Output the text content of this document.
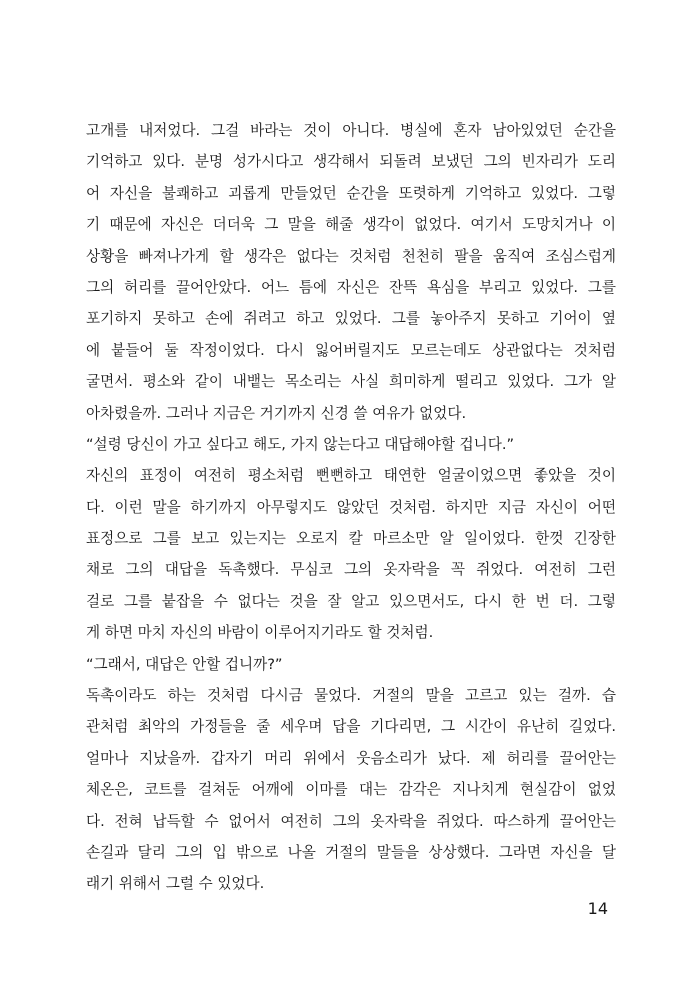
고개를 내저었다. 그걸 바라는 것이 아니다. 병실에 혼자 남아있었던 순간을
기억하고 있다. 분명 성가시다고 생각해서 되돌려 보냈던 그의 빈자리가 도리
어 자신을 불쾌하고 괴롭게 만들었던 순간을 또렷하게 기억하고 있었다. 그렇
기 때문에 자신은 더더욱 그 말을 해줄 생각이 없었다. 여기서 도망치거나 이
상황을 빠져나가게 할 생각은 없다는 것처럼 천천히 팔을 움직여 조심스럽게
그의 허리를 끌어안았다. 어느 틈에 자신은 잔뜩 욕심을 부리고 있었다. 그를
포기하지 못하고 손에 쥐려고 하고 있었다. 그를 놓아주지 못하고 기어이 옆
에 붙들어 둘 작정이었다. 다시 잃어버릴지도 모르는데도 상관없다는 것처럼
굴면서. 평소와 같이 내뱉는 목소리는 사실 희미하게 떨리고 있었다. 그가 알
아차렸을까. 그러나 지금은 거기까지 신경 쓸 여유가 없었다.
“설령 당신이 가고 싶다고 해도, 가지 않는다고 대답해야할 겁니다.”
자신의 표정이 여전히 평소처럼 뻔뻔하고 태연한 얼굴이었으면 좋았을 것이
다. 이런 말을 하기까지 아무렇지도 않았던 것처럼. 하지만 지금 자신이 어떤
표정으로 그를 보고 있는지는 오로지 칼 마르소만 알 일이었다. 한껏 긴장한
채로 그의 대답을 독촉했다. 무심코 그의 옷자락을 꼭 쥐었다. 여전히 그런
걸로 그를 붙잡을 수 없다는 것을 잘 알고 있으면서도, 다시 한 번 더. 그렇
게 하면 마치 자신의 바람이 이루어지기라도 할 것처럼.
“그래서, 대답은 안할 겁니까?”
독촉이라도 하는 것처럼 다시금 물었다. 거절의 말을 고르고 있는 걸까. 습
관처럼 최악의 가정들을 줄 세우며 답을 기다리면, 그 시간이 유난히 길었다.
얼마나 지났을까. 갑자기 머리 위에서 웃음소리가 났다. 제 허리를 끌어안는
체온은, 코트를 걸쳐둔 어깨에 이마를 대는 감각은 지나치게 현실감이 없었
다. 전혀 납득할 수 없어서 여전히 그의 옷자락을 쥐었다. 따스하게 끌어안는
손길과 달리 그의 입 밖으로 나올 거절의 말들을 상상했다. 그라면 자신을 달
래기 위해서 그럴 수 있었다.
14
